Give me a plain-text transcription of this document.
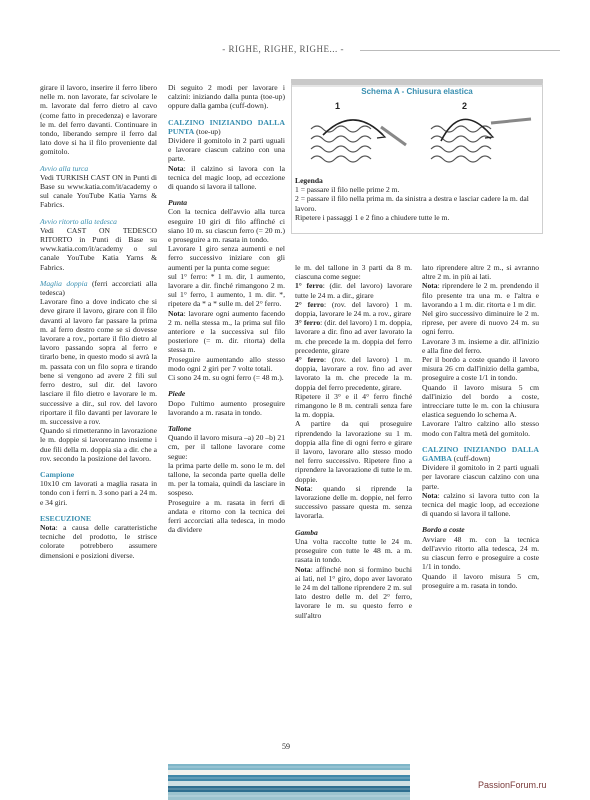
- RIGHE, RIGHE, RIGHE... -

girare il lavoro, inserire il ferro libero nelle m. non lavorate, far scivolare le m. lavorate dal ferro dietro al cavo (come fatto in precedenza) e lavorare le m. del ferro davanti. Continuare in tondo, liberando sempre il ferro dal lato dove si ha il filo proveniente dal gomitolo.

Avvio alla turca

Vedi TURKISH CAST ON in Punti di Base su www.katia.com/it/academy o sul canale YouTube Katia Yarns & Fabrics.

Avvio ritorto alla tedesca

Vedi CAST ON TEDESCO RITORTO in Punti di Base su www.katia.com/it/academy o sul canale YouTube Katia Yarns & Fabrics.

Maglia doppia (ferri accorciati alla tedesca)

Lavorare fino a dove indicato che si deve girare il lavoro, girare con il filo davanti al lavoro far passare la prima m. al ferro destro come se si dovesse lavorare a rov., portare il filo dietro al lavoro passando sopra al ferro e tirarlo bene, in questo modo si avrà la m. passata con un filo sopra e tirando bene si vengono ad avere 2 fili sul ferro destro, sul dir. del lavoro lasciare il filo dietro e lavorare le m. successive a dir., sul rov. del lavoro riportare il filo davanti per lavorare le m. successive a rov.

Quando si rimetteranno in lavorazione le m. doppie si lavoreranno insieme i due fili della m. doppia sia a dir. che a rov. secondo la posizione del lavoro.

Campione

10x10 cm lavorati a maglia rasata in tondo con i ferri n. 3 sono pari a 24 m. e 34 giri.

ESECUZIONE

Nota: a causa delle caratteristiche tecniche del prodotto, le strisce colorate potrebbero assumere dimensioni e posizioni diverse.

Di seguito 2 modi per lavorare i calzini: iniziando dalla punta (toe-up) oppure dalla gamba (cuff-down).

CALZINO INIZIANDO DALLA PUNTA (toe-up)

Dividere il gomitolo in 2 parti uguali e lavorare ciascun calzino con una parte.

Nota: il calzino si lavora con la tecnica del magic loop, ad eccezione di quando si lavora il tallone.

Punta

Con la tecnica dell'avvio alla turca eseguire 10 giri di filo affinché ci siano 10 m. su ciascun ferro (= 20 m.) e proseguire a m. rasata in tondo.

Lavorare 1 giro senza aumenti e nel ferro successivo iniziare con gli aumenti per la punta come segue:

sul 1° ferro: * 1 m. dir, 1 aumento, lavorare a dir. finché rimangono 2 m. sul 1° ferro, 1 aumento, 1 m. dir. *, ripetere da * a * sulle m. del 2° ferro.

Nota: lavorare ogni aumento facendo 2 m. nella stessa m., la prima sul filo anteriore e la successiva sul filo posteriore (= m. dir. ritorta) della stessa m.

Proseguire aumentando allo stesso modo ogni 2 giri per 7 volte totali.

Ci sono 24 m. su ogni ferro (= 48 m.).

Piede

Dopo l'ultimo aumento proseguire lavorando a m. rasata in tondo.

Tallone

Quando il lavoro misura –a) 20 –b) 21 cm, per il tallone lavorare come segue:

la prima parte delle m. sono le m. del tallone, la seconda parte quella delle m. per la tomaia, quindi da lasciare in sospeso.

Proseguire a m. rasata in ferri di andata e ritorno con la tecnica dei ferri accorciati alla tedesca, in modo da dividere

Schema A - Chiusura elastica
1	2

Legenda

1 = passare il filo nelle prime 2 m.

2 = passare il filo nella prima m. da sinistra a destra e lasciar cadere la m. dal lavoro.

Ripetere i passaggi 1 e 2 fino a chiudere tutte le m.

le m. del tallone in 3 parti da 8 m. ciascuna come segue:

1° ferro: (dir. del lavoro) lavorare tutte le 24 m. a dir., girare

2° ferro: (rov. del lavoro) 1 m. doppia, lavorare le 24 m. a rov., girare

3° ferro: (dir. del lavoro) 1 m. doppia, lavorare a dir. fino ad aver lavorato la m. che precede la m. doppia del ferro precedente, girare

4° ferro: (rov. del lavoro) 1 m. doppia, lavorare a rov. fino ad aver lavorato la m. che precede la m. doppia del ferro precedente, girare.

Ripetere il 3° e il 4° ferro finché rimangono le 8 m. centrali senza fare la m. doppia.

A partire da qui proseguire riprendendo la lavorazione su 1 m. doppia alla fine di ogni ferro e girare il lavoro, lavorare allo stesso modo nel ferro successivo. Ripetere fino a riprendere la lavorazione di tutte le m. doppie.

Nota: quando si riprende la lavorazione delle m. doppie, nel ferro successivo passare questa m. senza lavorarla.

Gamba

Una volta raccolte tutte le 24 m. proseguire con tutte le 48 m. a m. rasata in tondo.

Nota: affinché non si formino buchi ai lati, nel 1° giro, dopo aver lavorato le 24 m del tallone riprendere 2 m. sul lato destro delle m. del 2° ferro, lavorare le m. su questo ferro e sull'altro

lato riprendere altre 2 m., si avranno altre 2 m. in più ai lati.

Nota: riprendere le 2 m. prendendo il filo presente tra una m. e l'altra e lavorando a 1 m. dir. ritorta e 1 m dir.

Nel giro successivo diminuire le 2 m. riprese, per avere di nuovo 24 m. su ogni ferro.

Lavorare 3 m. insieme a dir. all'inizio e alla fine del ferro.

Per il bordo a coste quando il lavoro misura 26 cm dall'inizio della gamba, proseguire a coste 1/1 in tondo.

Quando il lavoro misura 5 cm dall'inizio del bordo a coste, intrecciare tutte le m. con la chiusura elastica seguendo lo schema A.

Lavorare l'altro calzino allo stesso modo con l'altra metà del gomitolo.

CALZINO INIZIANDO DALLA GAMBA (cuff-down)

Dividere il gomitolo in 2 parti uguali per lavorare ciascun calzino con una parte.

Nota: calzino si lavora tutto con la tecnica del magic loop, ad eccezione di quando si lavora il tallone.

Bordo a coste

Avviare 48 m. con la tecnica dell'avvio ritorto alla tedesca, 24 m. su ciascun ferro e proseguire a coste 1/1 in tondo.

Quando il lavoro misura 5 cm, proseguire a m. rasata in tondo.

59
PassionForum.ru
